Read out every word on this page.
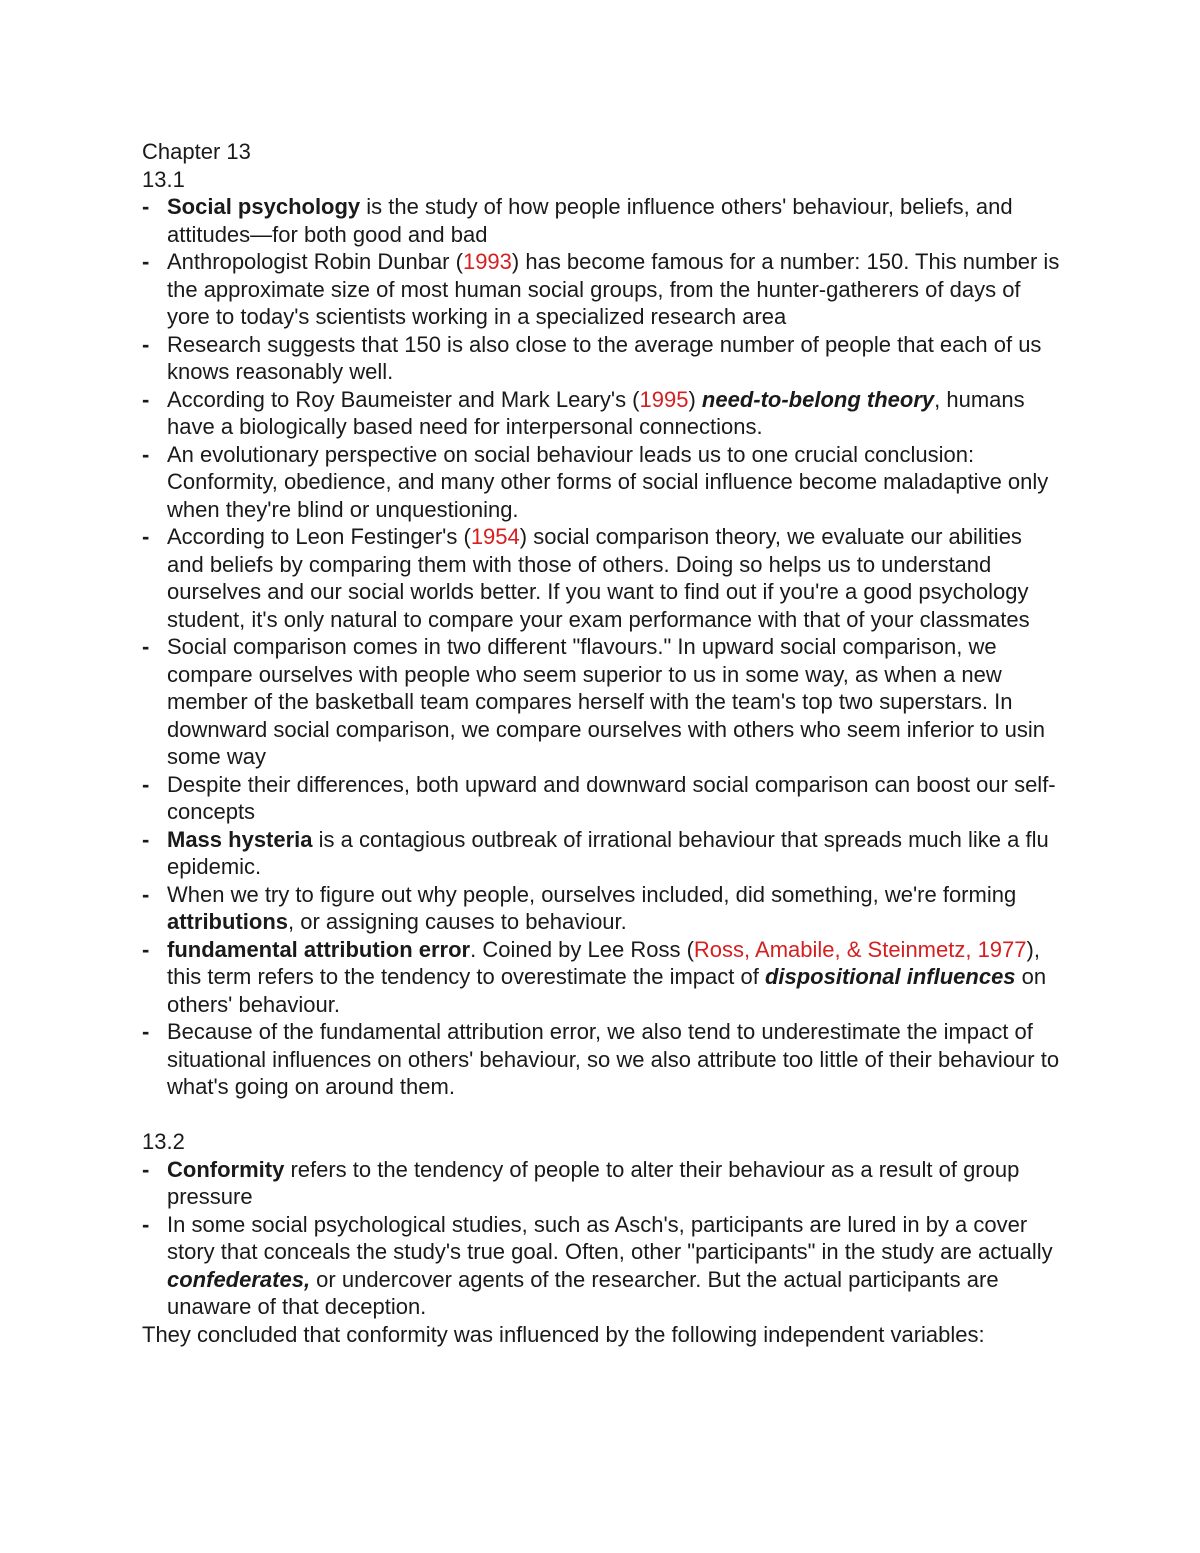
Chapter 13

13.1

- Social psychology is the study of how people influence others' behaviour, beliefs, and attitudes—for both good and bad
- Anthropologist Robin Dunbar (1993) has become famous for a number: 150. This number is the approximate size of most human social groups, from the hunter-gatherers of days of yore to today's scientists working in a specialized research area
- Research suggests that 150 is also close to the average number of people that each of us knows reasonably well.
- According to Roy Baumeister and Mark Leary's (1995) need-to-belong theory, humans have a biologically based need for interpersonal connections.
- An evolutionary perspective on social behaviour leads us to one crucial conclusion: Conformity, obedience, and many other forms of social influence become maladaptive only when they're blind or unquestioning.
- According to Leon Festinger's (1954) social comparison theory, we evaluate our abilities and beliefs by comparing them with those of others. Doing so helps us to understand ourselves and our social worlds better. If you want to find out if you're a good psychology student, it's only natural to compare your exam performance with that of your classmates
- Social comparison comes in two different "flavours." In upward social comparison, we compare ourselves with people who seem superior to us in some way, as when a new member of the basketball team compares herself with the team's top two superstars. In downward social comparison, we compare ourselves with others who seem inferior to usin some way
- Despite their differences, both upward and downward social comparison can boost our self-concepts
- Mass hysteria is a contagious outbreak of irrational behaviour that spreads much like a flu epidemic.
- When we try to figure out why people, ourselves included, did something, we're forming attributions, or assigning causes to behaviour.
- fundamental attribution error. Coined by Lee Ross (Ross, Amabile, & Steinmetz, 1977), this term refers to the tendency to overestimate the impact of dispositional influences on others' behaviour.
- Because of the fundamental attribution error, we also tend to underestimate the impact of situational influences on others' behaviour, so we also attribute too little of their behaviour to what's going on around them.

13.2

- Conformity refers to the tendency of people to alter their behaviour as a result of group pressure
- In some social psychological studies, such as Asch's, participants are lured in by a cover story that conceals the study's true goal. Often, other "participants" in the study are actually confederates, or undercover agents of the researcher. But the actual participants are unaware of that deception.

They concluded that conformity was influenced by the following independent variables:
